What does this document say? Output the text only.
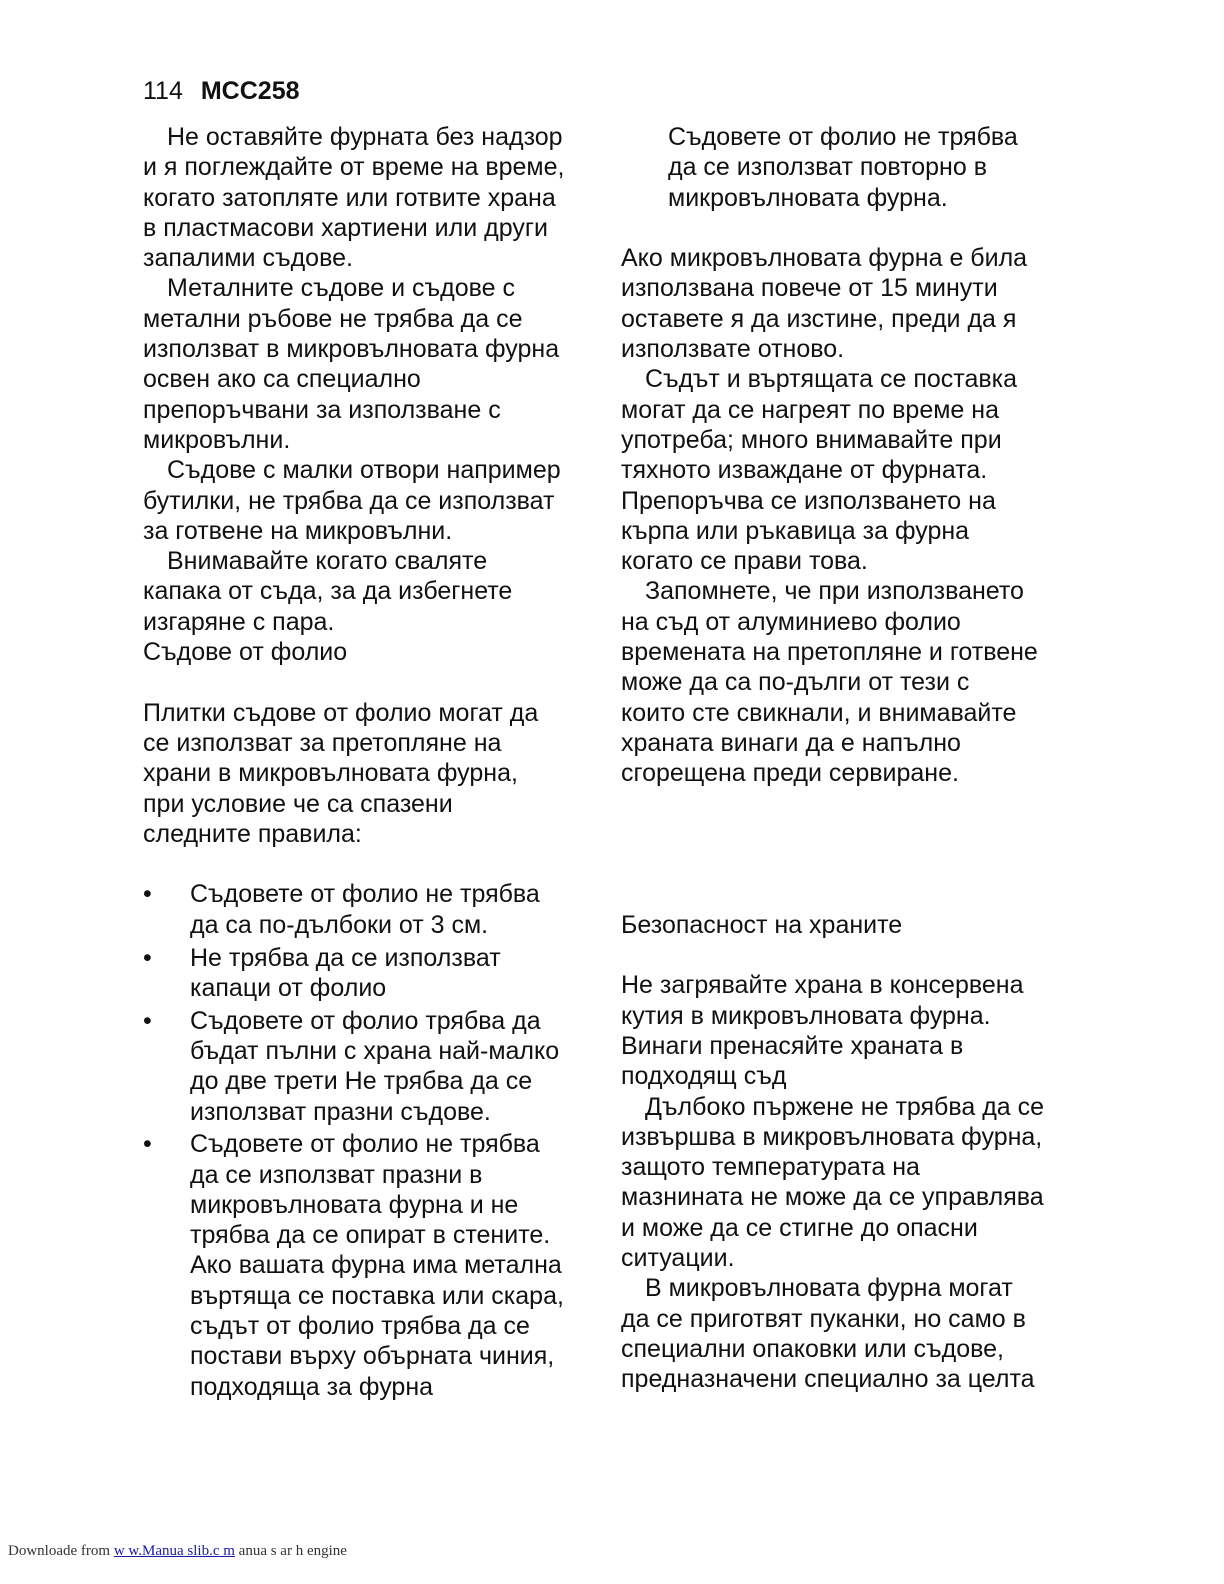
114 MCC258

Не оставяйте фурната без надзор
и я поглеждайте от време на време,
когато затопляте или готвите храна
в пластмасови хартиени или други
запалими съдове.

Металните съдове и съдове с
метални ръбове не трябва да се
използват в микровълновата фурна
освен ако са специално
препоръчвани за използване с
микровълни.

Съдове с малки отвори например
бутилки, не трябва да се използват
за готвене на микровълни.

Внимавайте когато сваляте
капака от съда, за да избегнете
изгаряне с пара.

Съдове от фолио

Плитки съдове от фолио могат да
се използват за претопляне на
храни в микровълновата фурна,
при условие че са спазени
следните правила:

•	Съдовете от фолио не трябва
да са по-дълбоки от 3 см.
•	Не трябва да се използват
капаци от фолио
•	Съдовете от фолио трябва да
бъдат пълни с храна най-малко
до две трети Не трябва да се
използват празни съдове.
•	Съдовете от фолио не трябва
да се използват празни в
микровълновата фурна и не
трябва да се опират в стените.
Ако вашата фурна има метална
въртяща се поставка или скара,
съдът от фолио трябва да се
постави върху обърната чиния,
подходяща за фурна

Съдовете от фолио не трябва
да се използват повторно в
микровълновата фурна.

Ако микровълновата фурна е била
използвана повече от 15 минути
оставете я да изстине, преди да я
използвате отново.

Съдът и въртящата се поставка
могат да се нагреят по време на
употреба; много внимавайте при
тяхното изваждане от фурната.
Препоръчва се използването на
кърпа или ръкавица за фурна
когато се прави това.

Запомнете, че при използването
на съд от алуминиево фолио
времената на претопляне и готвене
може да са по-дълги от тези с
които сте свикнали, и внимавайте
храната винаги да е напълно
сгорещена преди сервиране.

Безопасност на храните

Не загрявайте храна в консервена
кутия в микровълновата фурна.
Винаги пренасяйте храната в
подходящ съд

Дълбоко пържене не трябва да се
извършва в микровълновата фурна,
защото температурата на
мазнината не може да се управлява
и може да се стигне до опасни
ситуации.

В микровълновата фурна могат
да се приготвят пуканки, но само в
специални опаковки или съдове,
предназначени специално за целта

Downloade from w w.Manua slib.c m anua s ar h engine
